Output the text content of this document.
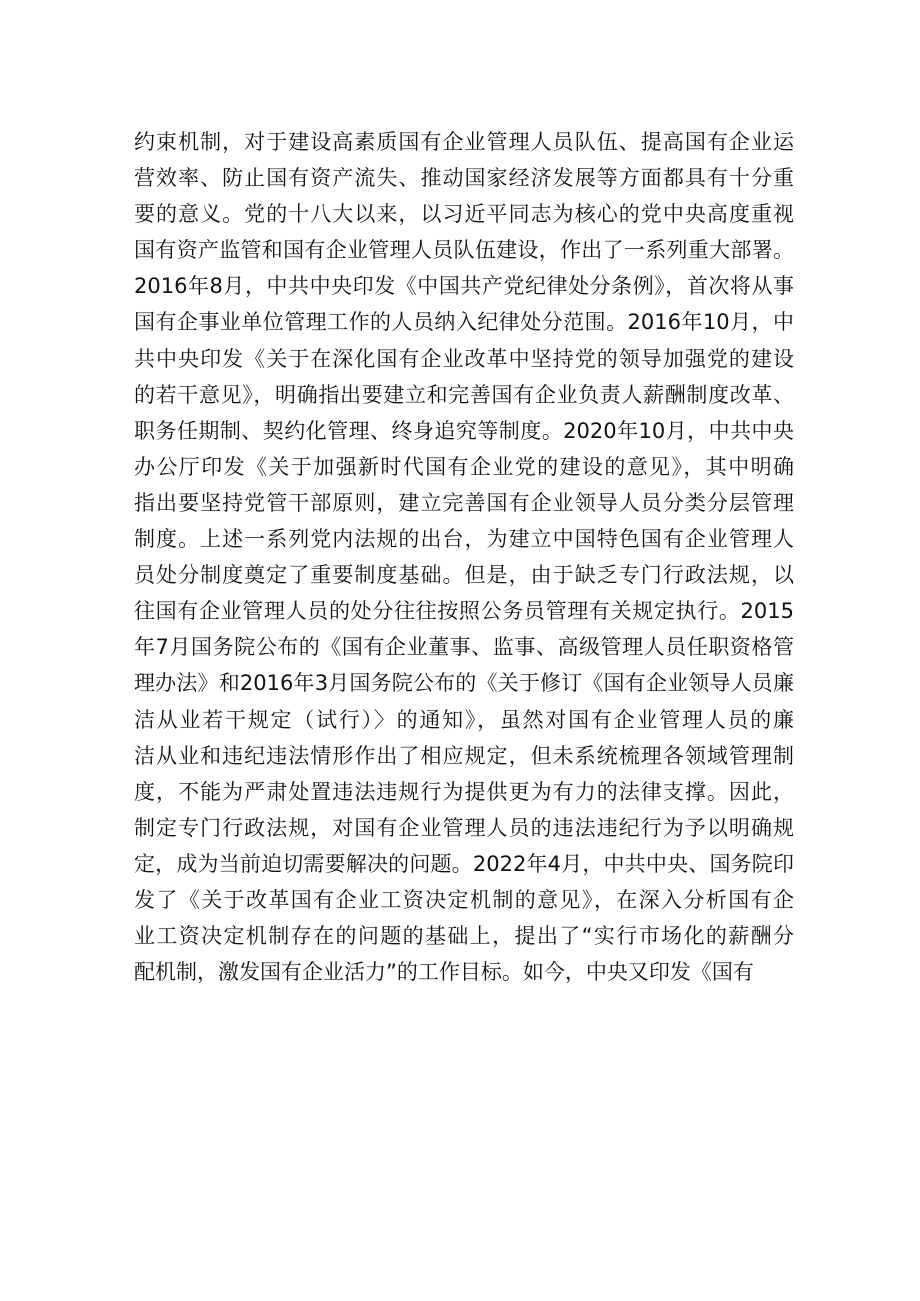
约束机制，对于建设高素质国有企业管理人员队伍、提高国有企业运
营效率、防止国有资产流失、推动国家经济发展等方面都具有十分重
要的意义。党的十八大以来，以习近平同志为核心的党中央高度重视
国有资产监管和国有企业管理人员队伍建设，作出了一系列重大部署。
2016年8月，中共中央印发《中国共产党纪律处分条例》，首次将从事
国有企事业单位管理工作的人员纳入纪律处分范围。2016年10月，中
共中央印发《关于在深化国有企业改革中坚持党的领导加强党的建设
的若干意见》，明确指出要建立和完善国有企业负责人薪酬制度改革、
职务任期制、契约化管理、终身追究等制度。2020年10月，中共中央
办公厅印发《关于加强新时代国有企业党的建设的意见》，其中明确
指出要坚持党管干部原则，建立完善国有企业领导人员分类分层管理
制度。上述一系列党内法规的出台，为建立中国特色国有企业管理人
员处分制度奠定了重要制度基础。但是，由于缺乏专门行政法规，以
往国有企业管理人员的处分往往按照公务员管理有关规定执行。2015
年7月国务院公布的《国有企业董事、监事、高级管理人员任职资格管
理办法》和2016年3月国务院公布的《关于修订《国有企业领导人员廉
洁从业若干规定（试行）〉的通知》，虽然对国有企业管理人员的廉
洁从业和违纪违法情形作出了相应规定，但未系统梳理各领域管理制
度，不能为严肃处置违法违规行为提供更为有力的法律支撑。因此，
制定专门行政法规，对国有企业管理人员的违法违纪行为予以明确规
定，成为当前迫切需要解决的问题。2022年4月，中共中央、国务院印
发了《关于改革国有企业工资决定机制的意见》，在深入分析国有企
业工资决定机制存在的问题的基础上，提出了“实行市场化的薪酬分
配机制，激发国有企业活力”的工作目标。如今，中央又印发《国有
